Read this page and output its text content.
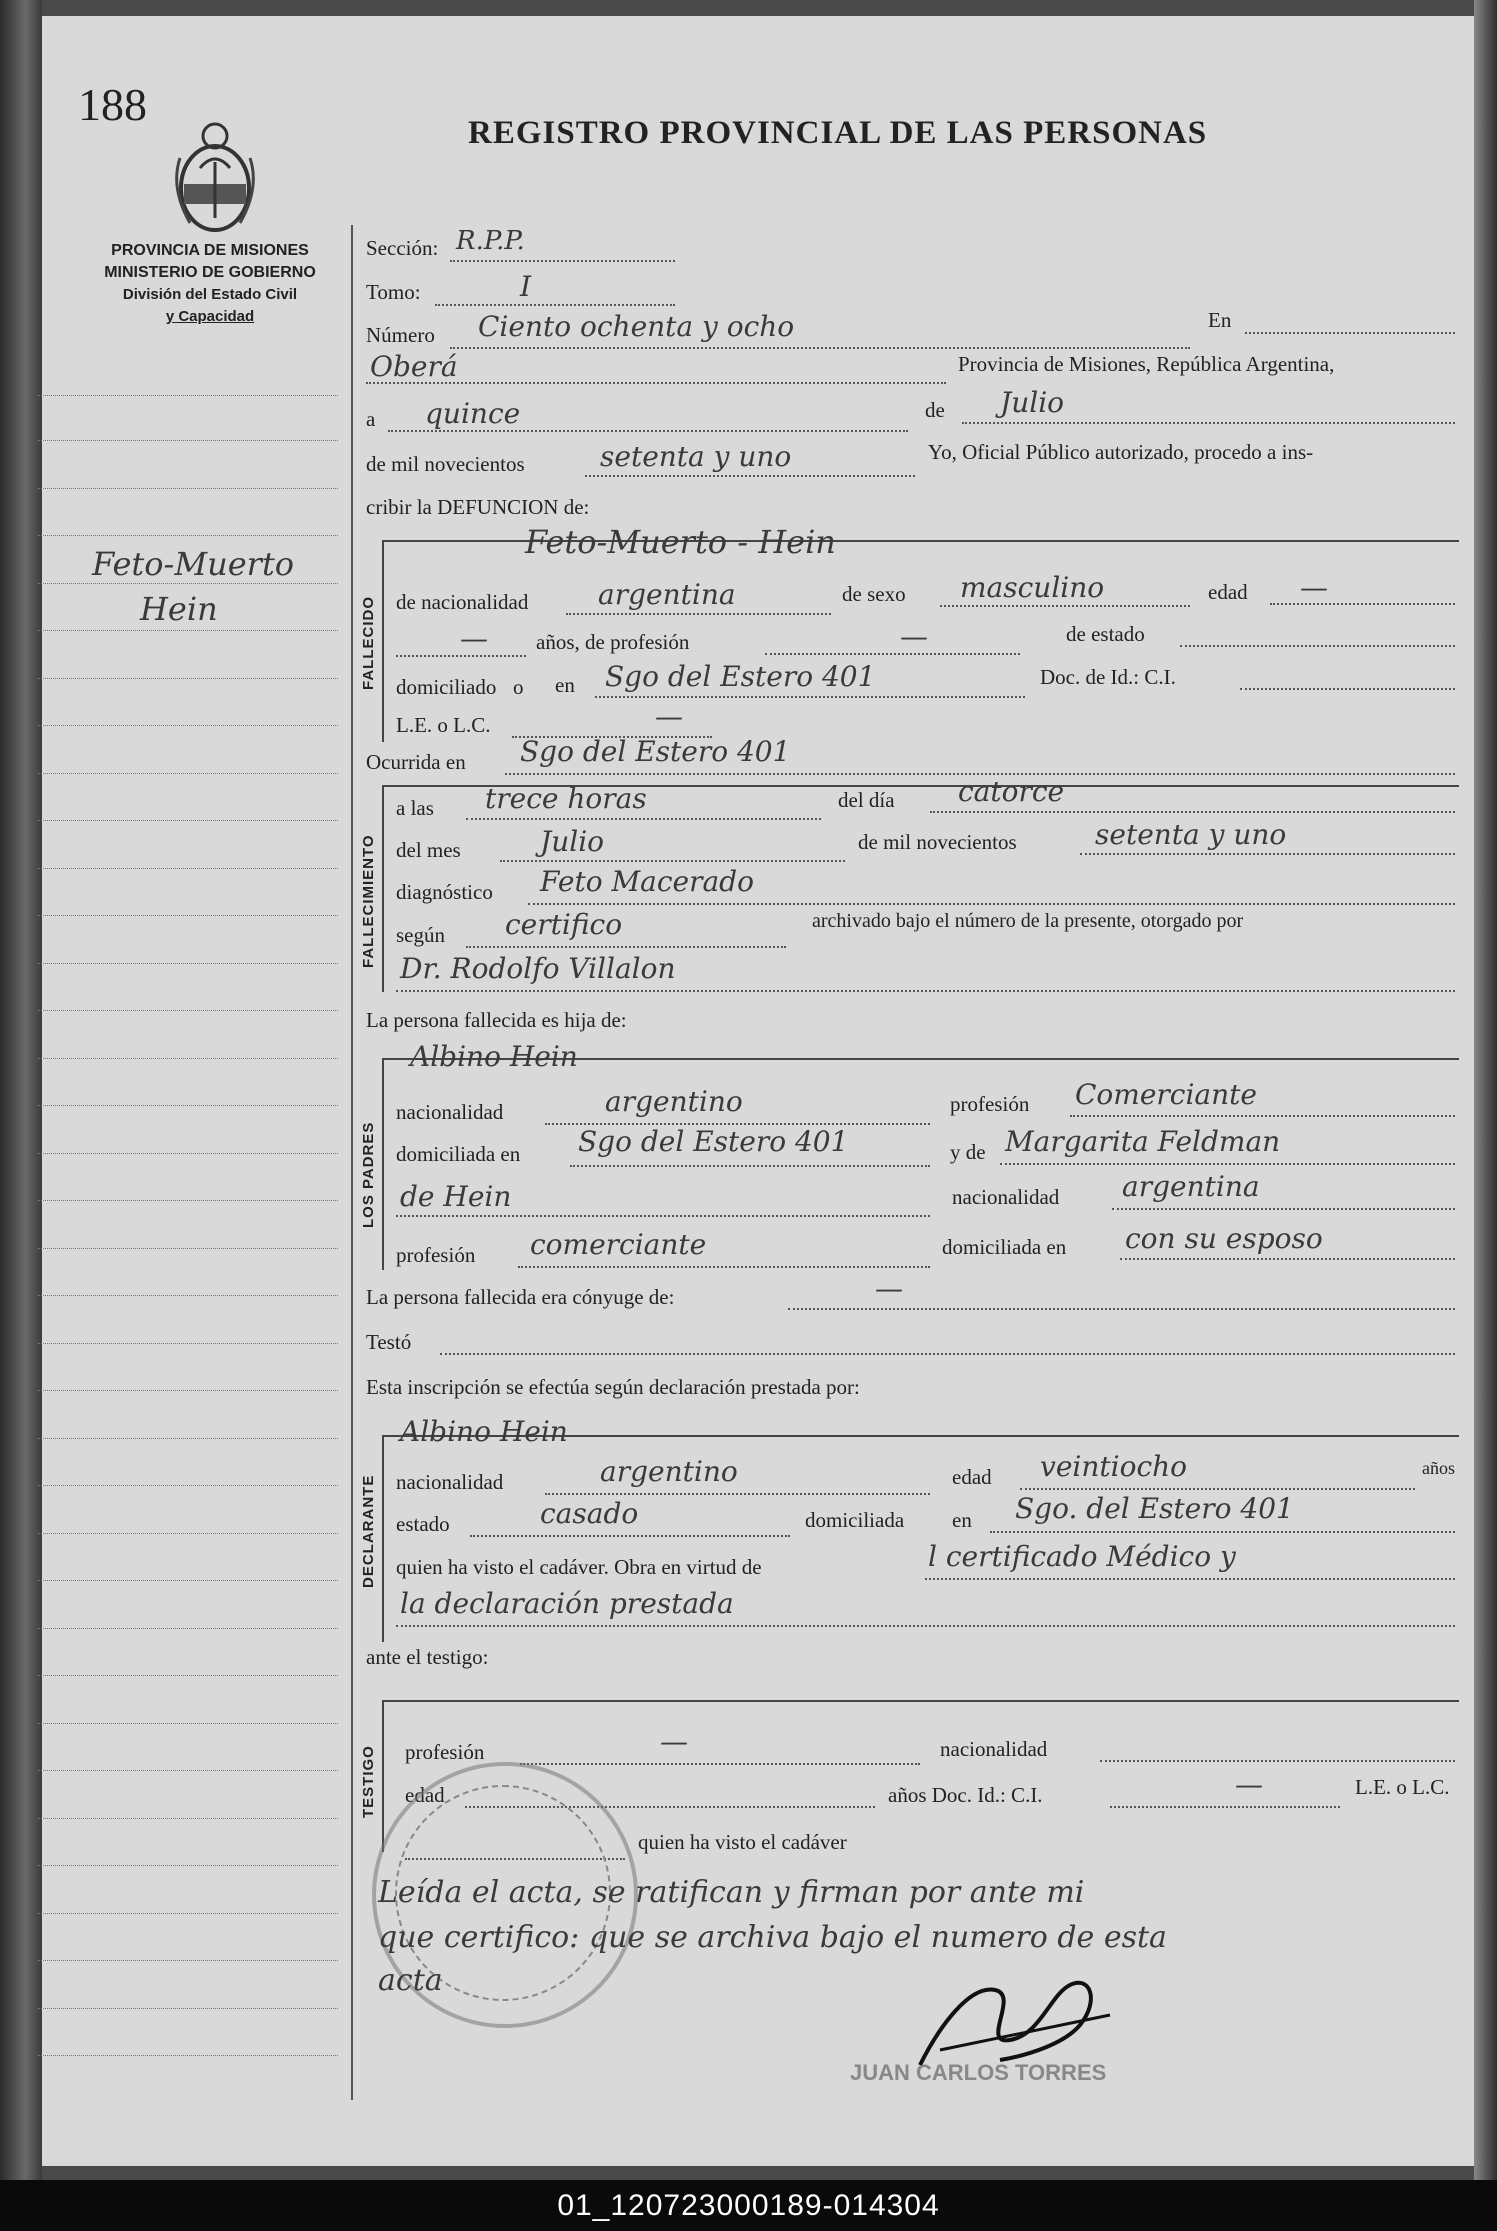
188
REGISTRO PROVINCIAL DE LAS PERSONAS
PROVINCIA DE MISIONES
MINISTERIO DE GOBIERNO
División del Estado Civil
y Capacidad
Feto-Muerto
Hein
Sección: R.P.P.
Tomo:	I
Número Ciento ochenta y ocho	En
Oberá	Provincia de Misiones, República Argentina,
a quince	de Julio
de mil novecientos	setenta y uno	Yo, Oficial Público autorizado, procedo a ins-
cribir la DEFUNCION de:
FALLECIDO
Feto-Muerto - Hein
de nacionalidad argentina	de sexo masculino	edad —
— años, de profesión	—	de estado
domiciliado o en Sgo del Estero 401	Doc. de Id.: C.I.
L.E. o L.C.	—
Ocurrida en Sgo del Estero 401
FALLECIMIENTO
a las trece horas	del día catorce
del mes	Julio	de mil novecientos	setenta y uno
diagnóstico Feto Macerado
según certifico	archivado bajo el número de la presente, otorgado por
Dr. Rodolfo Villalon
La persona fallecida es hija de:
LOS PADRES
Albino Hein
nacionalidad	argentino	profesión Comerciante
domiciliada en Sgo del Estero 401	y de Margarita Feldman
de Hein	nacionalidad argentina
profesión comerciante	domiciliada en con su esposo
La persona fallecida era cónyuge de:	—
Testó
Esta inscripción se efectúa según declaración prestada por:
DECLARANTE
Albino Hein
nacionalidad	argentino	edad veintiocho	años
estado	casado	domiciliada en Sgo. del Estero 401
quien ha visto el cadáver. Obra en virtud de	l certificado Médico y
la declaración prestada
ante el testigo:
TESTIGO profesión	—	nacionalidad
edad	años Doc. Id.: C.I.	—	L.E. o L.C.
quien ha visto el cadáver
Leída el acta, se ratifican y firman por ante mi
que certifico: que se archiva bajo el numero de esta
acta
JUAN CARLOS TORRES
01_120723000189-014304
